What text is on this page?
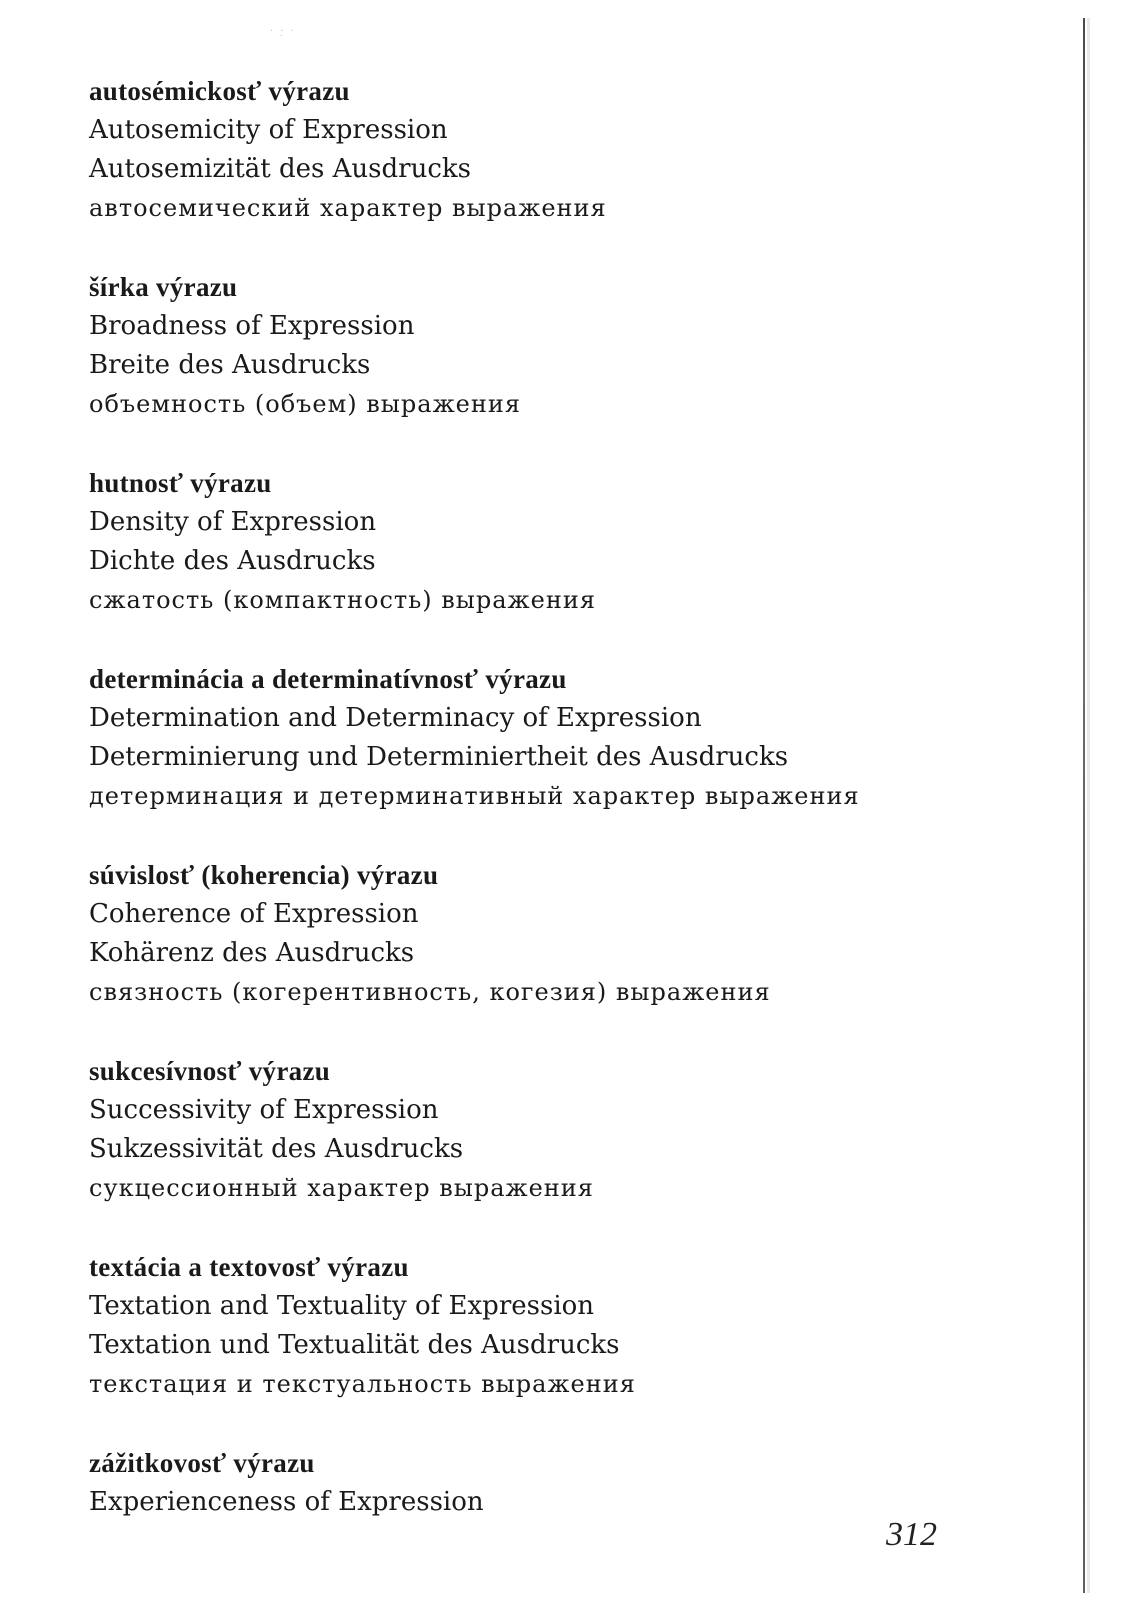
· ·̣ ·
autosémickosť výrazu
Autosemicity of Expression
Autosemizität des Ausdrucks
автосемический характер выражения
šírka výrazu
Broadness of Expression
Breite des Ausdrucks
объемность (объем) выражения
hutnosť výrazu
Density of Expression
Dichte des Ausdrucks
сжатость (компактность) выражения
determinácia a determinatívnosť výrazu
Determination and Determinacy of Expression
Determinierung und Determiniertheit des Ausdrucks
детерминация и детерминативный характер выражения
súvislosť (koherencia) výrazu
Coherence of Expression
Kohärenz des Ausdrucks
связность (когерентивность, когезия) выражения
sukcesívnosť výrazu
Successivity of Expression
Sukzessivität des Ausdrucks
сукцессионный характер выражения
textácia a textovosť výrazu
Textation and Textuality of Expression
Textation und Textualität des Ausdrucks
текстация и текстуальность выражения
zážitkovosť výrazu
Experienceness of Expression
312
